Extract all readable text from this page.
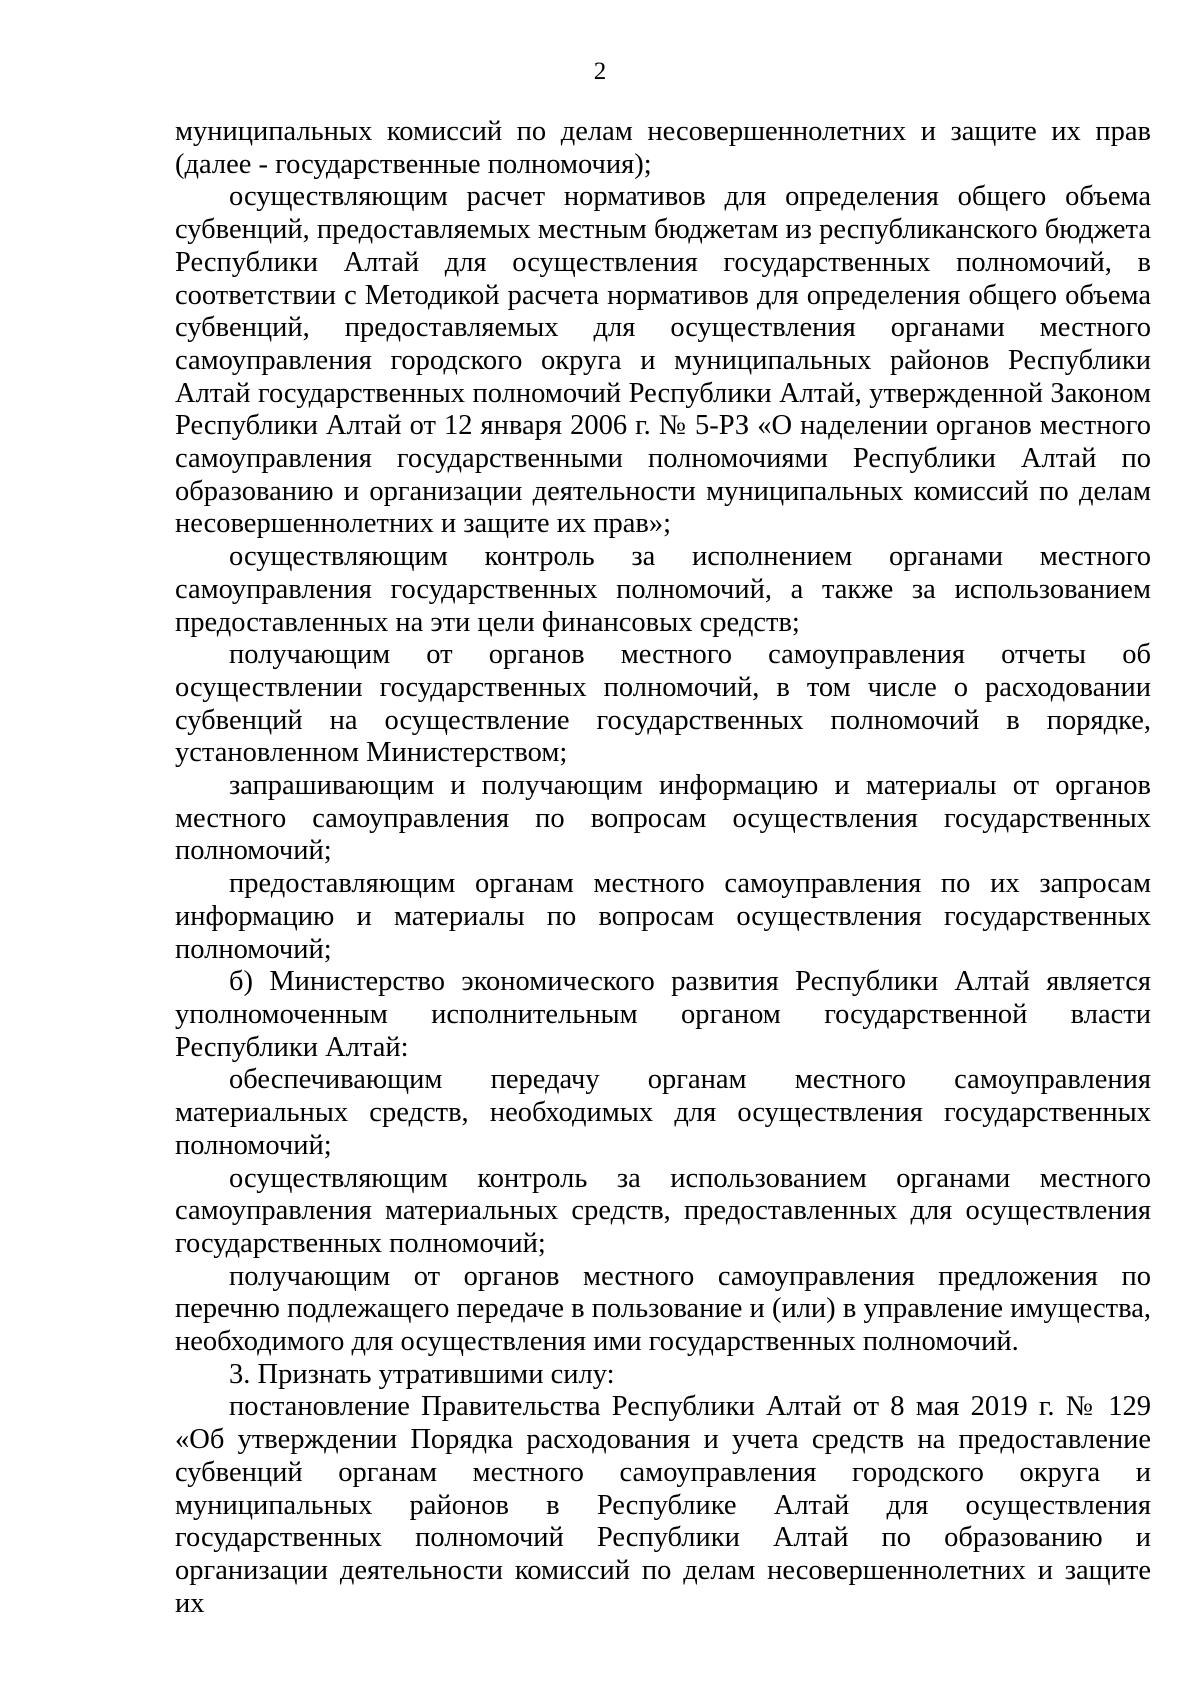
2

муниципальных комиссий по делам несовершеннолетних и защите их прав (далее - государственные полномочия);

осуществляющим расчет нормативов для определения общего объема субвенций, предоставляемых местным бюджетам из республиканского бюджета Республики Алтай для осуществления государственных полномочий, в соответствии с Методикой расчета нормативов для определения общего объема субвенций, предоставляемых для осуществления органами местного самоуправления городского округа и муниципальных районов Республики Алтай государственных полномочий Республики Алтай, утвержденной Законом Республики Алтай от 12 января 2006 г. № 5-РЗ «О наделении органов местного самоуправления государственными полномочиями Республики Алтай по образованию и организации деятельности муниципальных комиссий по делам несовершеннолетних и защите их прав»;

осуществляющим контроль за исполнением органами местного самоуправления государственных полномочий, а также за использованием предоставленных на эти цели финансовых средств;

получающим от органов местного самоуправления отчеты об осуществлении государственных полномочий, в том числе о расходовании субвенций на осуществление государственных полномочий в порядке, установленном Министерством;

запрашивающим и получающим информацию и материалы от органов местного самоуправления по вопросам осуществления государственных полномочий;

предоставляющим органам местного самоуправления по их запросам информацию и материалы по вопросам осуществления государственных полномочий;

б) Министерство экономического развития Республики Алтай является уполномоченным исполнительным органом государственной власти Республики Алтай:

обеспечивающим передачу органам местного самоуправления материальных средств, необходимых для осуществления государственных полномочий;

осуществляющим контроль за использованием органами местного самоуправления материальных средств, предоставленных для осуществления государственных полномочий;

получающим от органов местного самоуправления предложения по перечню подлежащего передаче в пользование и (или) в управление имущества, необходимого для осуществления ими государственных полномочий.

3. Признать утратившими силу:

постановление Правительства Республики Алтай от 8 мая 2019 г. № 129 «Об утверждении Порядка расходования и учета средств на предоставление субвенций органам местного самоуправления городского округа и муниципальных районов в Республике Алтай для осуществления государственных полномочий Республики Алтай по образованию и организации деятельности комиссий по делам несовершеннолетних и защите их
